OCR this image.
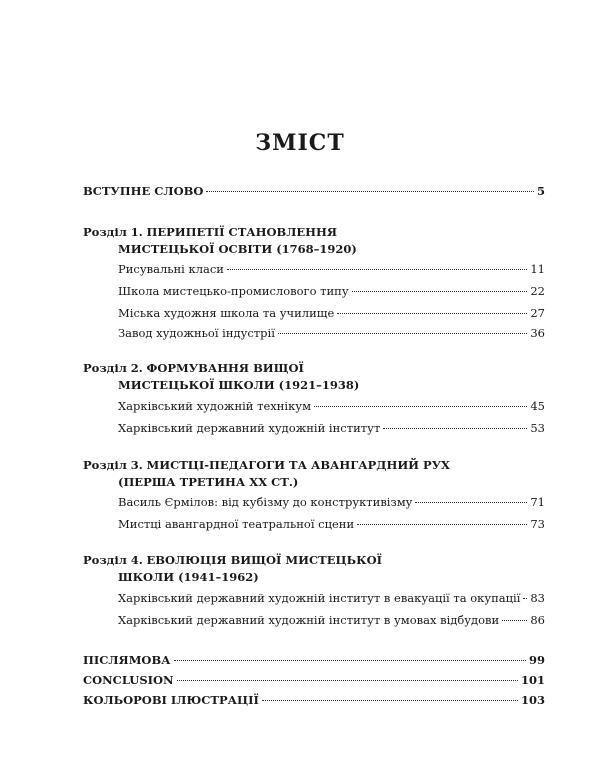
ЗМІСТ
ВСТУПНЕ СЛОВО	5
Розділ 1. ПЕРИПЕТІЇ СТАНОВЛЕННЯ
МИСТЕЦЬКОЇ ОСВІТИ (1768–1920)
Рисувальні класи	11
Школа мистецько-промислового типу	22
Міська художня школа та училище	27
Завод художньої індустрії	36
Розділ 2. ФОРМУВАННЯ ВИЩОЇ
МИСТЕЦЬКОЇ ШКОЛИ (1921–1938)
Харківський художній технікум	45
Харківський державний художній інститут	53
Розділ 3. МИСТЦІ-ПЕДАГОГИ ТА АВАНГАРДНИЙ РУХ
(ПЕРША ТРЕТИНА XX СТ.)
Василь Єрмілов: від кубізму до конструктивізму	71
Мистці авангардної театральної сцени	73
Розділ 4. ЕВОЛЮЦІЯ ВИЩОЇ МИСТЕЦЬКОЇ
ШКОЛИ (1941–1962)
Харківський державний художній інститут в евакуації та окупації 83
Харківський державний художній інститут в умовах відбудови	86
ПІСЛЯМОВА	99
CONCLUSION	101
КОЛЬОРОВІ ІЛЮСТРАЦІЇ	103
